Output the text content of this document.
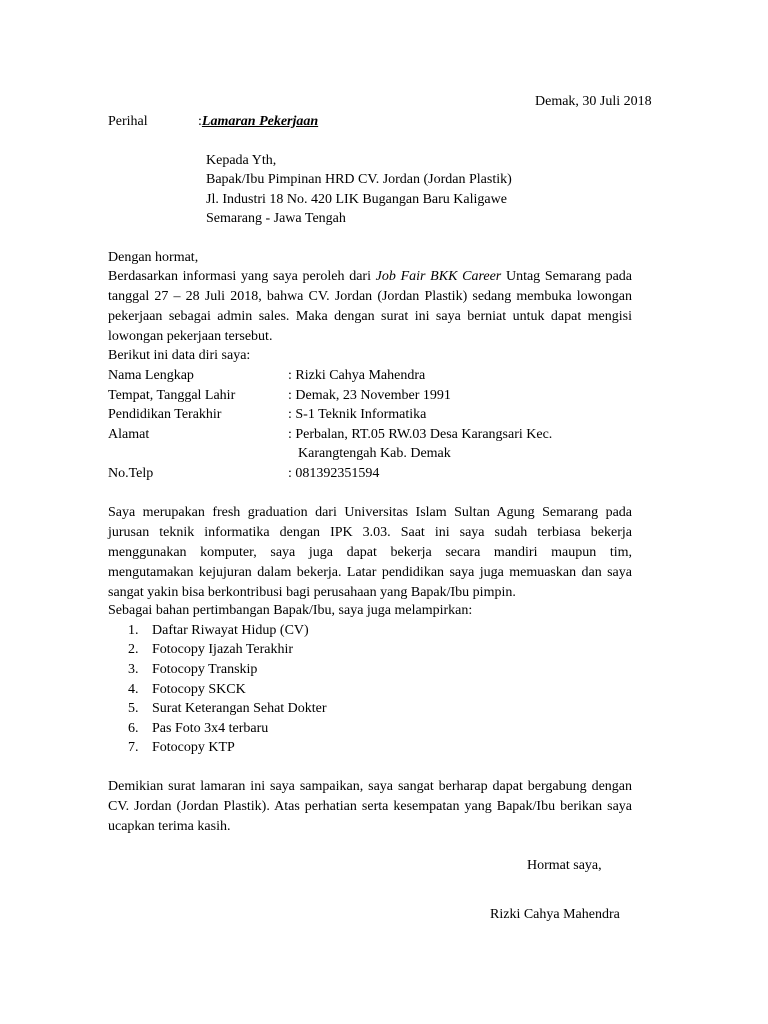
Demak, 30 Juli 2018
Perihal	:Lamaran Pekerjaan
Kepada Yth,
Bapak/Ibu Pimpinan HRD CV. Jordan (Jordan Plastik)
Jl. Industri 18 No. 420 LIK Bugangan Baru Kaligawe
Semarang - Jawa Tengah
Dengan hormat,
Berdasarkan informasi yang saya peroleh dari Job Fair BKK Career Untag Semarang pada
tanggal 27 – 28 Juli 2018, bahwa CV. Jordan (Jordan Plastik) sedang membuka lowongan
pekerjaan sebagai admin sales. Maka dengan surat ini saya berniat untuk dapat mengisi
lowongan pekerjaan tersebut.
Berikut ini data diri saya:
Nama Lengkap	: Rizki Cahya Mahendra
Tempat, Tanggal Lahir	: Demak, 23 November 1991
Pendidikan Terakhir	: S-1 Teknik Informatika
Alamat	: Perbalan, RT.05 RW.03 Desa Karangsari Kec.
Karangtengah Kab. Demak
No.Telp	: 081392351594
Saya merupakan fresh graduation dari Universitas Islam Sultan Agung Semarang pada
jurusan teknik informatika dengan IPK 3.03. Saat ini saya sudah terbiasa bekerja
menggunakan komputer, saya juga dapat bekerja secara mandiri maupun tim,
mengutamakan kejujuran dalam bekerja. Latar pendidikan saya juga memuaskan dan saya
sangat yakin bisa berkontribusi bagi perusahaan yang Bapak/Ibu pimpin.
Sebagai bahan pertimbangan Bapak/Ibu, saya juga melampirkan:
1. Daftar Riwayat Hidup (CV)
2. Fotocopy Ijazah Terakhir
3. Fotocopy Transkip
4. Fotocopy SKCK
5. Surat Keterangan Sehat Dokter
6. Pas Foto 3x4 terbaru
7. Fotocopy KTP
Demikian surat lamaran ini saya sampaikan, saya sangat berharap dapat bergabung dengan
CV. Jordan (Jordan Plastik). Atas perhatian serta kesempatan yang Bapak/Ibu berikan saya
ucapkan terima kasih.
Hormat saya,
Rizki Cahya Mahendra
